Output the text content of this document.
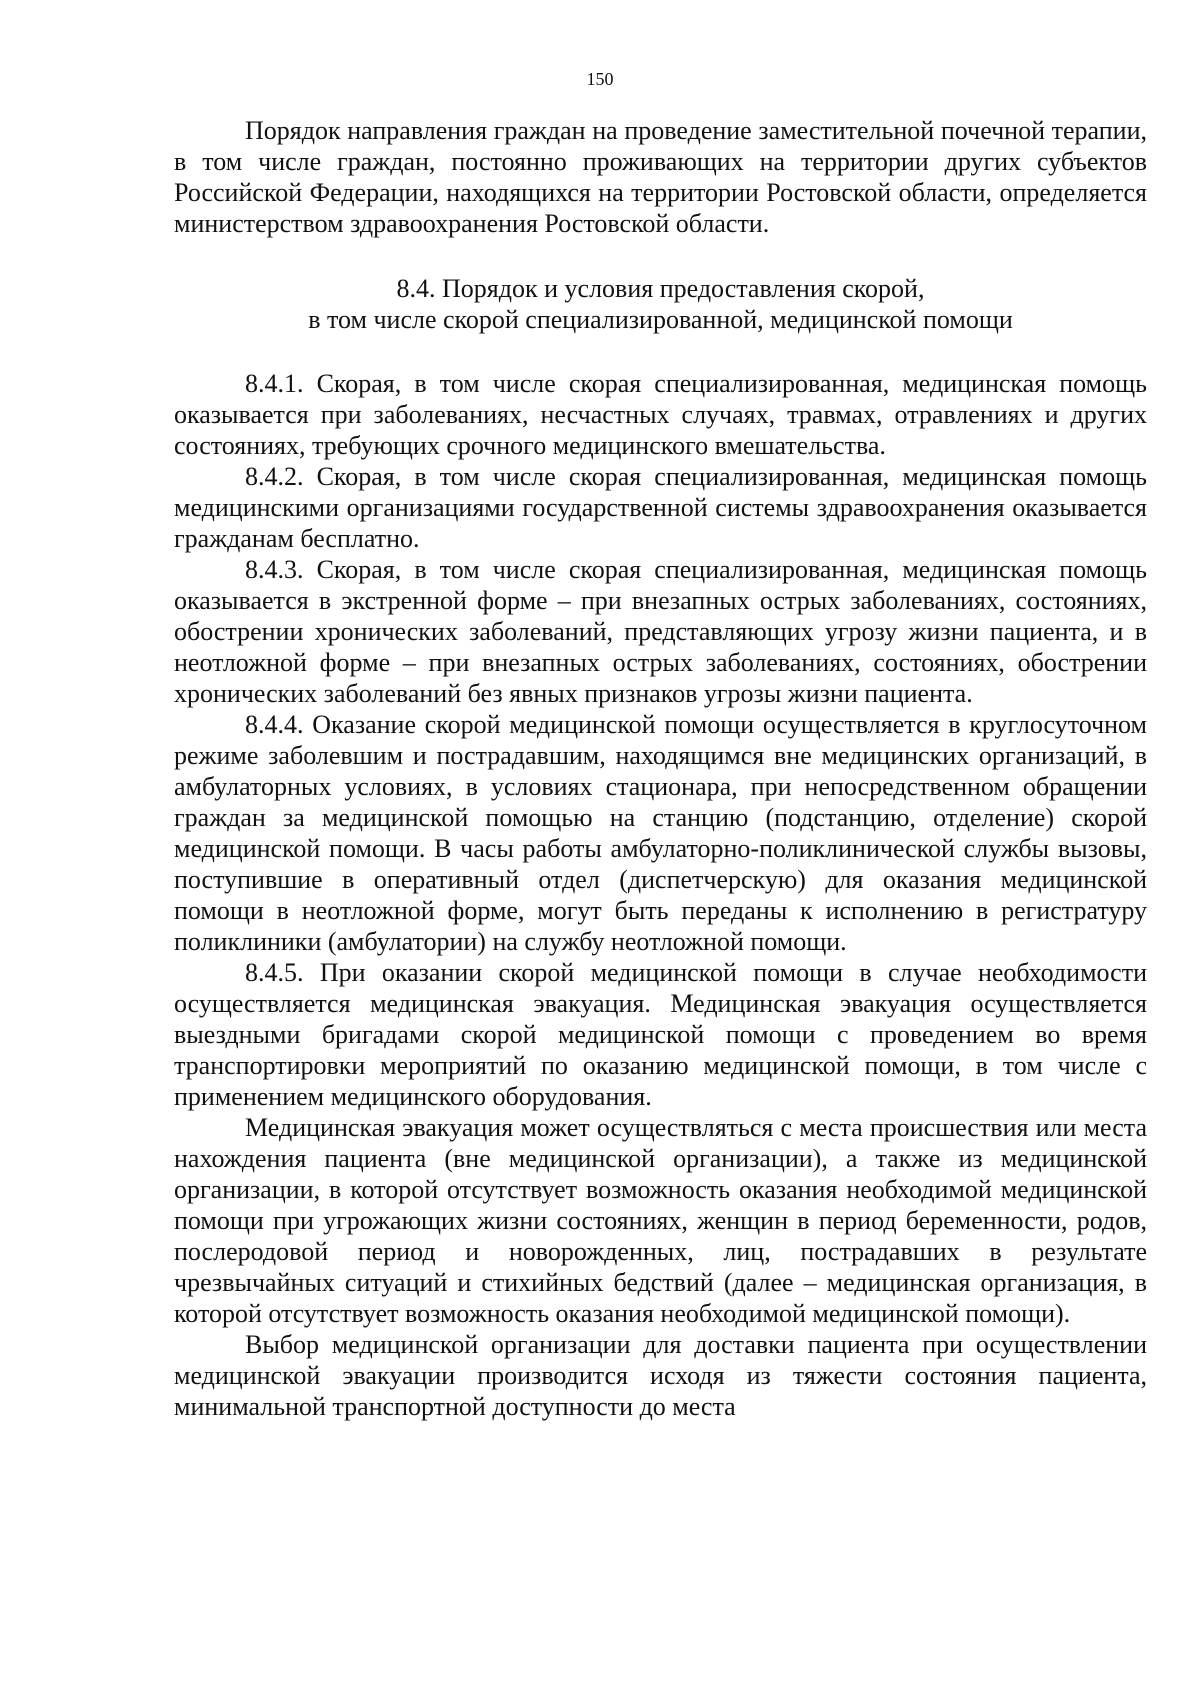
150

Порядок направления граждан на проведение заместительной почечной терапии, в том числе граждан, постоянно проживающих на территории других субъектов Российской Федерации, находящихся на территории Ростовской области, определяется министерством здравоохранения Ростовской области.

8.4. Порядок и условия предоставления скорой,
в том числе скорой специализированной, медицинской помощи

8.4.1. Скорая, в том числе скорая специализированная, медицинская помощь оказывается при заболеваниях, несчастных случаях, травмах, отравлениях и других состояниях, требующих срочного медицинского вмешательства.

8.4.2. Скорая, в том числе скорая специализированная, медицинская помощь медицинскими организациями государственной системы здравоохранения оказывается гражданам бесплатно.

8.4.3. Скорая, в том числе скорая специализированная, медицинская помощь оказывается в экстренной форме – при внезапных острых заболеваниях, состояниях, обострении хронических заболеваний, представляющих угрозу жизни пациента, и в неотложной форме – при внезапных острых заболеваниях, состояниях, обострении хронических заболеваний без явных признаков угрозы жизни пациента.

8.4.4. Оказание скорой медицинской помощи осуществляется в круглосуточном режиме заболевшим и пострадавшим, находящимся вне медицинских организаций, в амбулаторных условиях, в условиях стационара, при непосредственном обращении граждан за медицинской помощью на станцию (подстанцию, отделение) скорой медицинской помощи. В часы работы амбулаторно-поликлинической службы вызовы, поступившие в оперативный отдел (диспетчерскую) для оказания медицинской помощи в неотложной форме, могут быть переданы к исполнению в регистратуру поликлиники (амбулатории) на службу неотложной помощи.

8.4.5. При оказании скорой медицинской помощи в случае необходимости осуществляется медицинская эвакуация. Медицинская эвакуация осуществляется выездными бригадами скорой медицинской помощи с проведением во время транспортировки мероприятий по оказанию медицинской помощи, в том числе с применением медицинского оборудования.

Медицинская эвакуация может осуществляться с места происшествия или места нахождения пациента (вне медицинской организации), а также из медицинской организации, в которой отсутствует возможность оказания необходимой медицинской помощи при угрожающих жизни состояниях, женщин в период беременности, родов, послеродовой период и новорожденных, лиц, пострадавших в результате чрезвычайных ситуаций и стихийных бедствий (далее – медицинская организация, в которой отсутствует возможность оказания необходимой медицинской помощи).

Выбор медицинской организации для доставки пациента при осуществлении медицинской эвакуации производится исходя из тяжести состояния пациента, минимальной транспортной доступности до места
